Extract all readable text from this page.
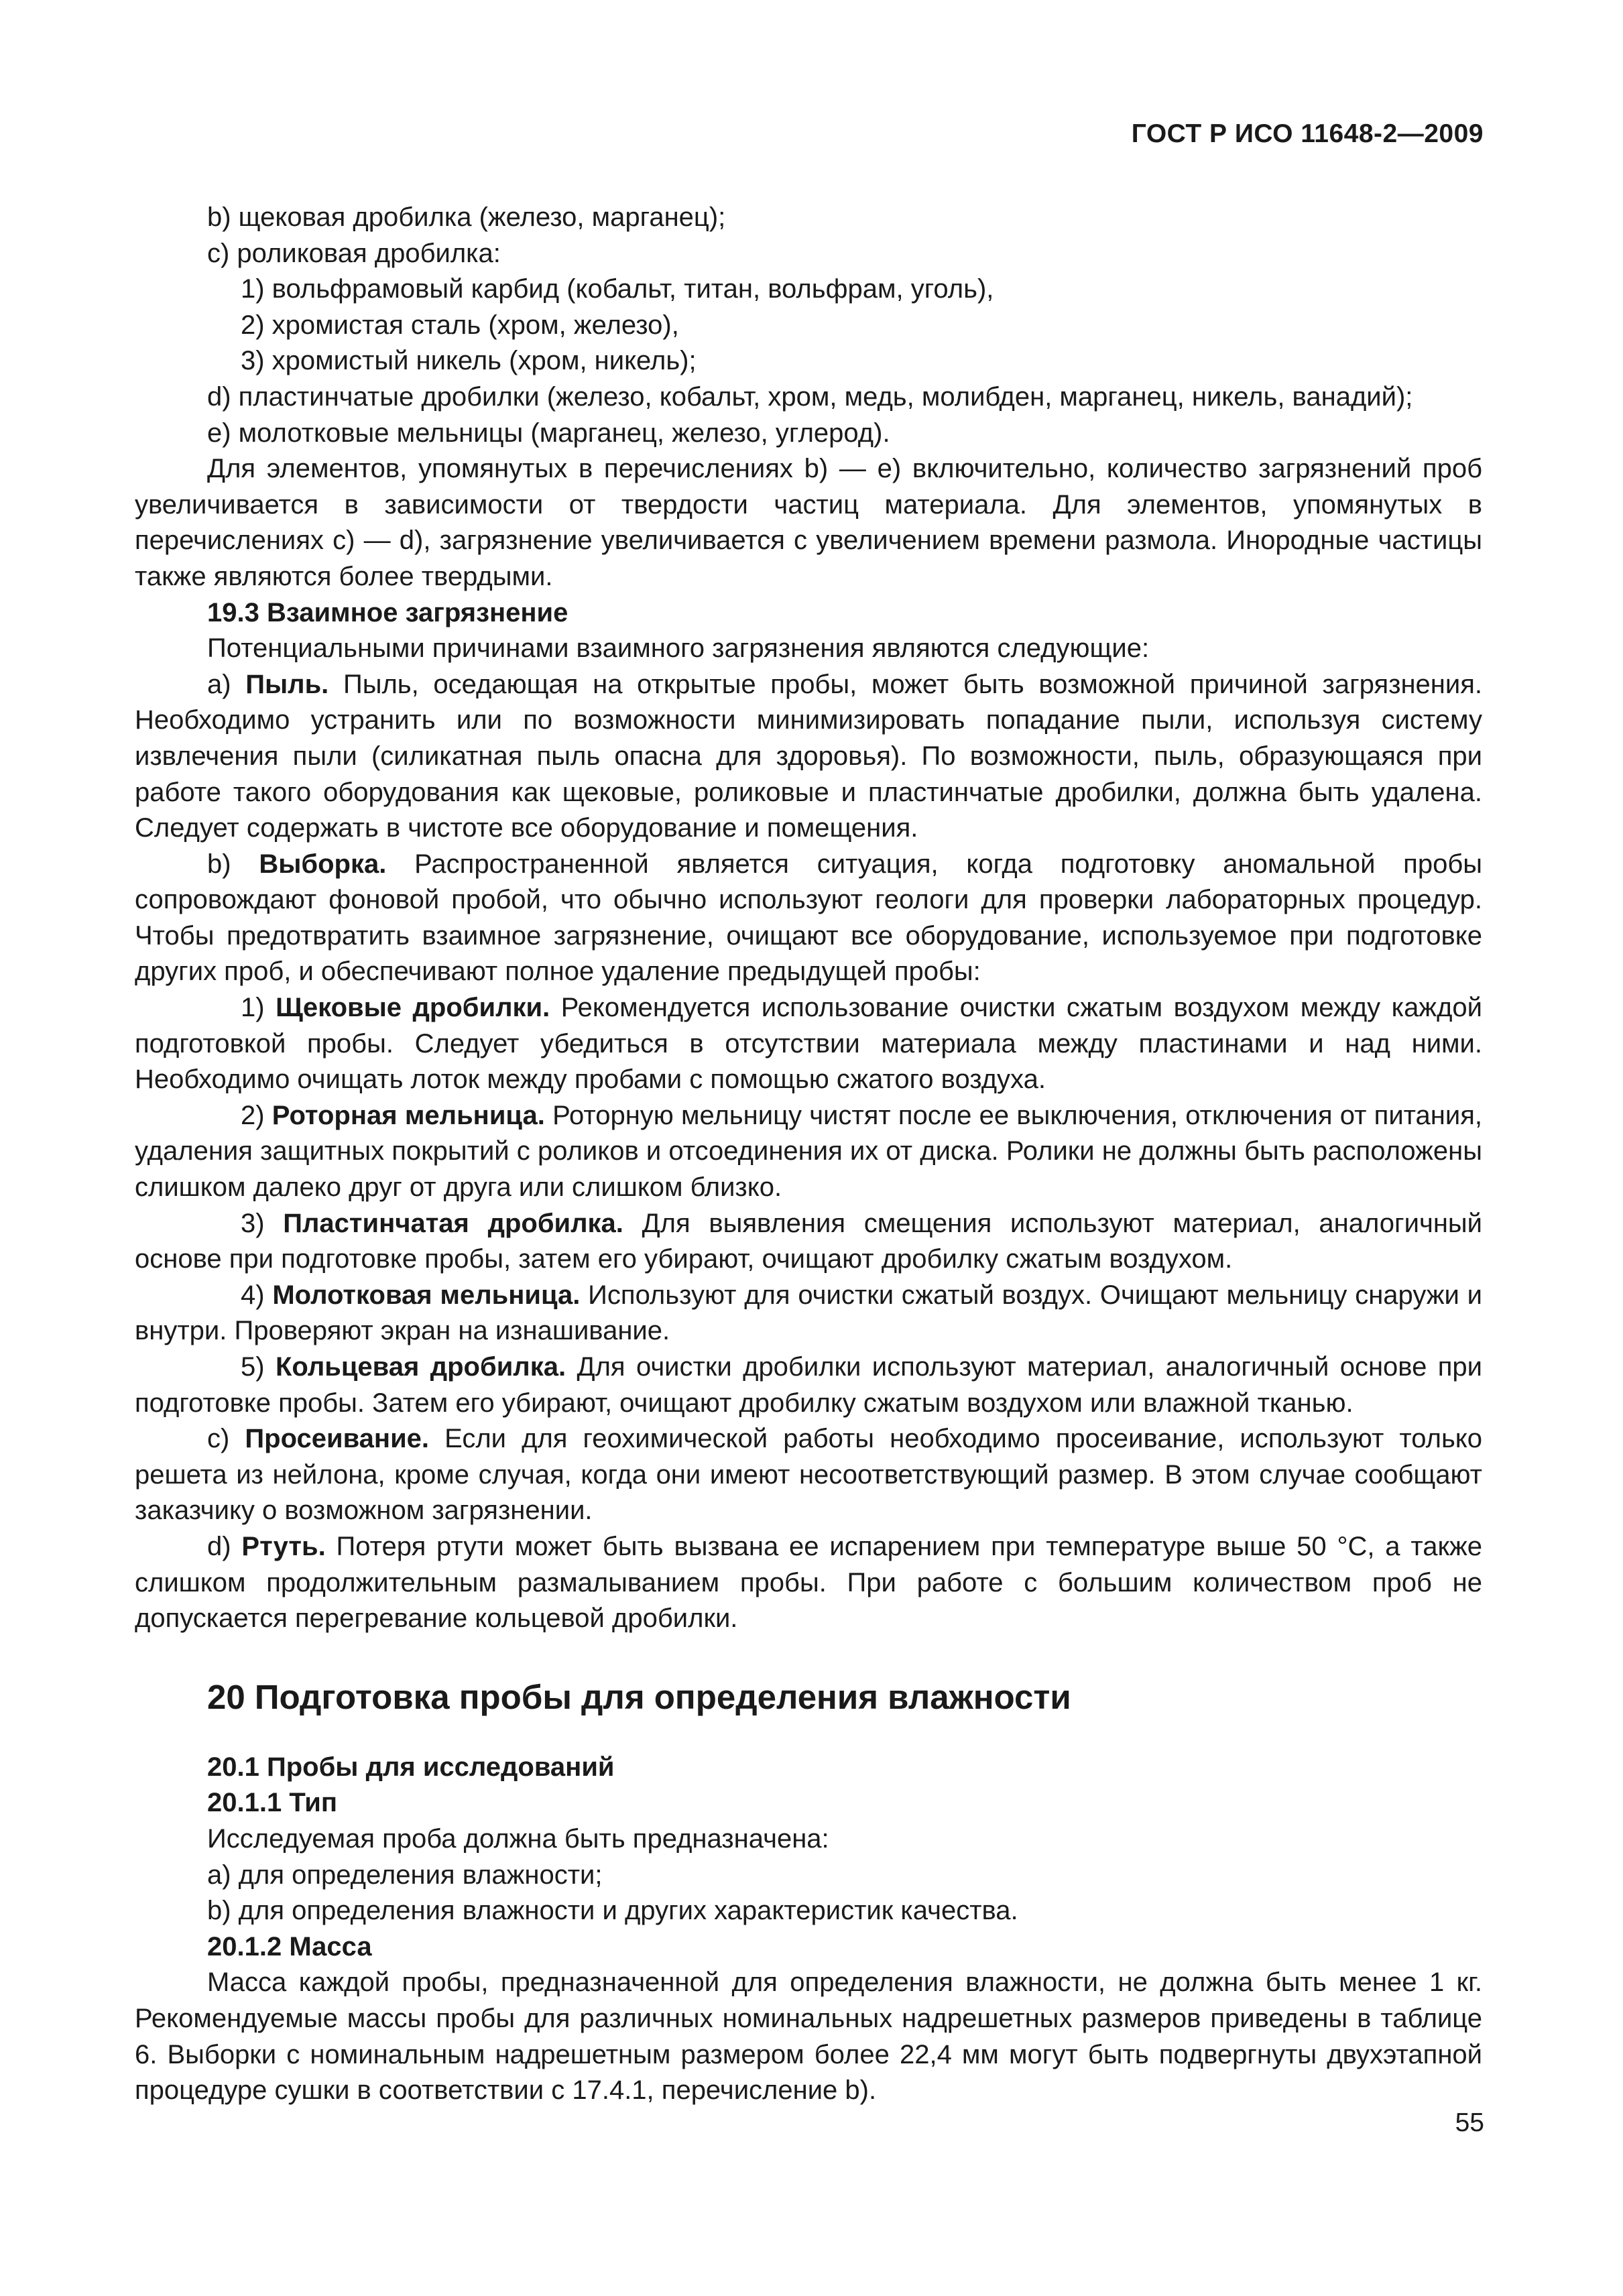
ГОСТ Р ИСО 11648-2—2009

b) щековая дробилка (железо, марганец);

c) роликовая дробилка:

1) вольфрамовый карбид (кобальт, титан, вольфрам, уголь),

2) хромистая сталь (хром, железо),

3) хромистый никель (хром, никель);

d) пластинчатые дробилки (железо, кобальт, хром, медь, молибден, марганец, никель, ванадий);

e) молотковые мельницы (марганец, железо, углерод).

Для элементов, упомянутых в перечислениях b) — е) включительно, количество загрязнений проб увеличивается в зависимости от твердости частиц материала. Для элементов, упомянутых в перечислениях с) — d), загрязнение увеличивается с увеличением времени размола. Инородные частицы также являются более твердыми.

19.3 Взаимное загрязнение

Потенциальными причинами взаимного загрязнения являются следующие:

a) Пыль. Пыль, оседающая на открытые пробы, может быть возможной причиной загрязнения. Необходимо устранить или по возможности минимизировать попадание пыли, используя систему извлечения пыли (силикатная пыль опасна для здоровья). По возможности, пыль, образующаяся при работе такого оборудования как щековые, роликовые и пластинчатые дробилки, должна быть удалена. Следует содержать в чистоте все оборудование и помещения.

b) Выборка. Распространенной является ситуация, когда подготовку аномальной пробы сопровождают фоновой пробой, что обычно используют геологи для проверки лабораторных процедур. Чтобы предотвратить взаимное загрязнение, очищают все оборудование, используемое при подготовке других проб, и обеспечивают полное удаление предыдущей пробы:

1) Щековые дробилки. Рекомендуется использование очистки сжатым воздухом между каждой подготовкой пробы. Следует убедиться в отсутствии материала между пластинами и над ними. Необходимо очищать лоток между пробами с помощью сжатого воздуха.

2) Роторная мельница. Роторную мельницу чистят после ее выключения, отключения от питания, удаления защитных покрытий с роликов и отсоединения их от диска. Ролики не должны быть расположены слишком далеко друг от друга или слишком близко.

3) Пластинчатая дробилка. Для выявления смещения используют материал, аналогичный основе при подготовке пробы, затем его убирают, очищают дробилку сжатым воздухом.

4) Молотковая мельница. Используют для очистки сжатый воздух. Очищают мельницу снаружи и внутри. Проверяют экран на изнашивание.

5) Кольцевая дробилка. Для очистки дробилки используют материал, аналогичный основе при подготовке пробы. Затем его убирают, очищают дробилку сжатым воздухом или влажной тканью.

c) Просеивание. Если для геохимической работы необходимо просеивание, используют только решета из нейлона, кроме случая, когда они имеют несоответствующий размер. В этом случае сообщают заказчику о возможном загрязнении.

d) Ртуть. Потеря ртути может быть вызвана ее испарением при температуре выше 50 °C, а также слишком продолжительным размалыванием пробы. При работе с большим количеством проб не допускается перегревание кольцевой дробилки.

20 Подготовка пробы для определения влажности

20.1 Пробы для исследований

20.1.1 Тип

Исследуемая проба должна быть предназначена:

a) для определения влажности;

b) для определения влажности и других характеристик качества.

20.1.2 Масса

Масса каждой пробы, предназначенной для определения влажности, не должна быть менее 1 кг. Рекомендуемые массы пробы для различных номинальных надрешетных размеров приведены в таблице 6. Выборки с номинальным надрешетным размером более 22,4 мм могут быть подвергнуты двухэтапной процедуре сушки в соответствии с 17.4.1, перечисление b).

55
